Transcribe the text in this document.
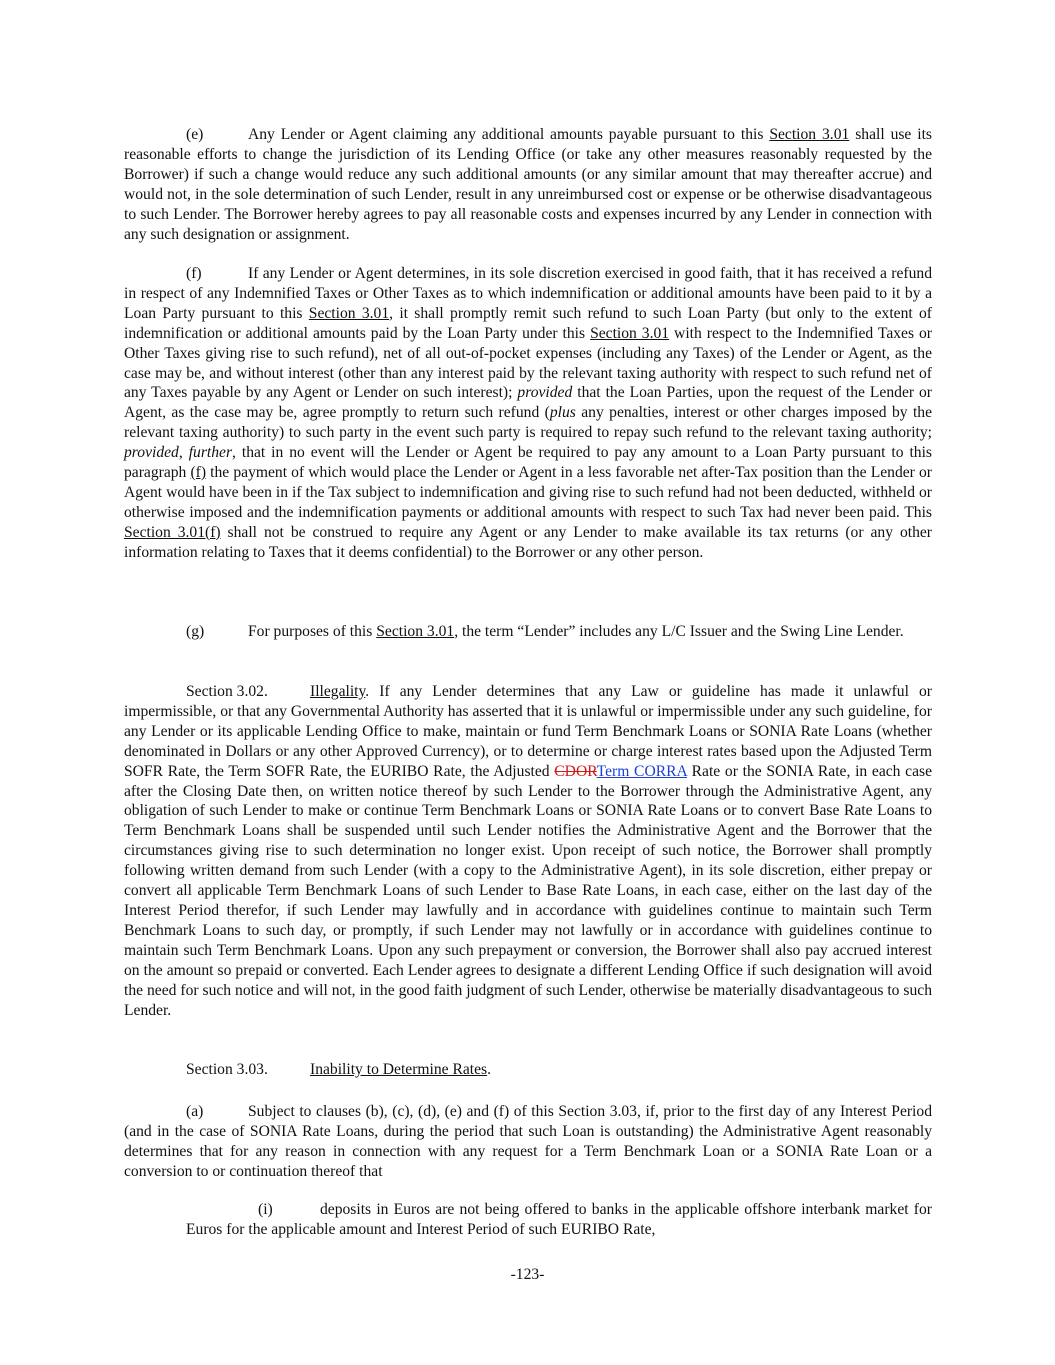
(e)	Any Lender or Agent claiming any additional amounts payable pursuant to this Section 3.01 shall use its reasonable efforts to change the jurisdiction of its Lending Office (or take any other measures reasonably requested by the Borrower) if such a change would reduce any such additional amounts (or any similar amount that may thereafter accrue) and would not, in the sole determination of such Lender, result in any unreimbursed cost or expense or be otherwise disadvantageous to such Lender. The Borrower hereby agrees to pay all reasonable costs and expenses incurred by any Lender in connection with any such designation or assignment.

(f)	If any Lender or Agent determines, in its sole discretion exercised in good faith, that it has received a refund in respect of any Indemnified Taxes or Other Taxes as to which indemnification or additional amounts have been paid to it by a Loan Party pursuant to this Section 3.01, it shall promptly remit such refund to such Loan Party (but only to the extent of indemnification or additional amounts paid by the Loan Party under this Section 3.01 with respect to the Indemnified Taxes or Other Taxes giving rise to such refund), net of all out-of-pocket expenses (including any Taxes) of the Lender or Agent, as the case may be, and without interest (other than any interest paid by the relevant taxing authority with respect to such refund net of any Taxes payable by any Agent or Lender on such interest); provided that the Loan Parties, upon the request of the Lender or Agent, as the case may be, agree promptly to return such refund (plus any penalties, interest or other charges imposed by the relevant taxing authority) to such party in the event such party is required to repay such refund to the relevant taxing authority; provided, further, that in no event will the Lender or Agent be required to pay any amount to a Loan Party pursuant to this paragraph (f) the payment of which would place the Lender or Agent in a less favorable net after-Tax position than the Lender or Agent would have been in if the Tax subject to indemnification and giving rise to such refund had not been deducted, withheld or otherwise imposed and the indemnification payments or additional amounts with respect to such Tax had never been paid. This Section 3.01(f) shall not be construed to require any Agent or any Lender to make available its tax returns (or any other information relating to Taxes that it deems confidential) to the Borrower or any other person.

(g)	For purposes of this Section 3.01, the term “Lender” includes any L/C Issuer and the Swing Line Lender.

Section 3.02.	Illegality. If any Lender determines that any Law or guideline has made it unlawful or impermissible, or that any Governmental Authority has asserted that it is unlawful or impermissible under any such guideline, for any Lender or its applicable Lending Office to make, maintain or fund Term Benchmark Loans or SONIA Rate Loans (whether denominated in Dollars or any other Approved Currency), or to determine or charge interest rates based upon the Adjusted Term SOFR Rate, the Term SOFR Rate, the EURIBO Rate, the Adjusted CDORTerm CORRA Rate or the SONIA Rate, in each case after the Closing Date then, on written notice thereof by such Lender to the Borrower through the Administrative Agent, any obligation of such Lender to make or continue Term Benchmark Loans or SONIA Rate Loans or to convert Base Rate Loans to Term Benchmark Loans shall be suspended until such Lender notifies the Administrative Agent and the Borrower that the circumstances giving rise to such determination no longer exist. Upon receipt of such notice, the Borrower shall promptly following written demand from such Lender (with a copy to the Administrative Agent), in its sole discretion, either prepay or convert all applicable Term Benchmark Loans of such Lender to Base Rate Loans, in each case, either on the last day of the Interest Period therefor, if such Lender may lawfully and in accordance with guidelines continue to maintain such Term Benchmark Loans to such day, or promptly, if such Lender may not lawfully or in accordance with guidelines continue to maintain such Term Benchmark Loans. Upon any such prepayment or conversion, the Borrower shall also pay accrued interest on the amount so prepaid or converted. Each Lender agrees to designate a different Lending Office if such designation will avoid the need for such notice and will not, in the good faith judgment of such Lender, otherwise be materially disadvantageous to such Lender.

Section 3.03.	Inability to Determine Rates.

(a)	Subject to clauses (b), (c), (d), (e) and (f) of this Section 3.03, if, prior to the first day of any Interest Period (and in the case of SONIA Rate Loans, during the period that such Loan is outstanding) the Administrative Agent reasonably determines that for any reason in connection with any request for a Term Benchmark Loan or a SONIA Rate Loan or a conversion to or continuation thereof that

(i)	deposits in Euros are not being offered to banks in the applicable offshore interbank market for Euros for the applicable amount and Interest Period of such EURIBO Rate,

-123-
